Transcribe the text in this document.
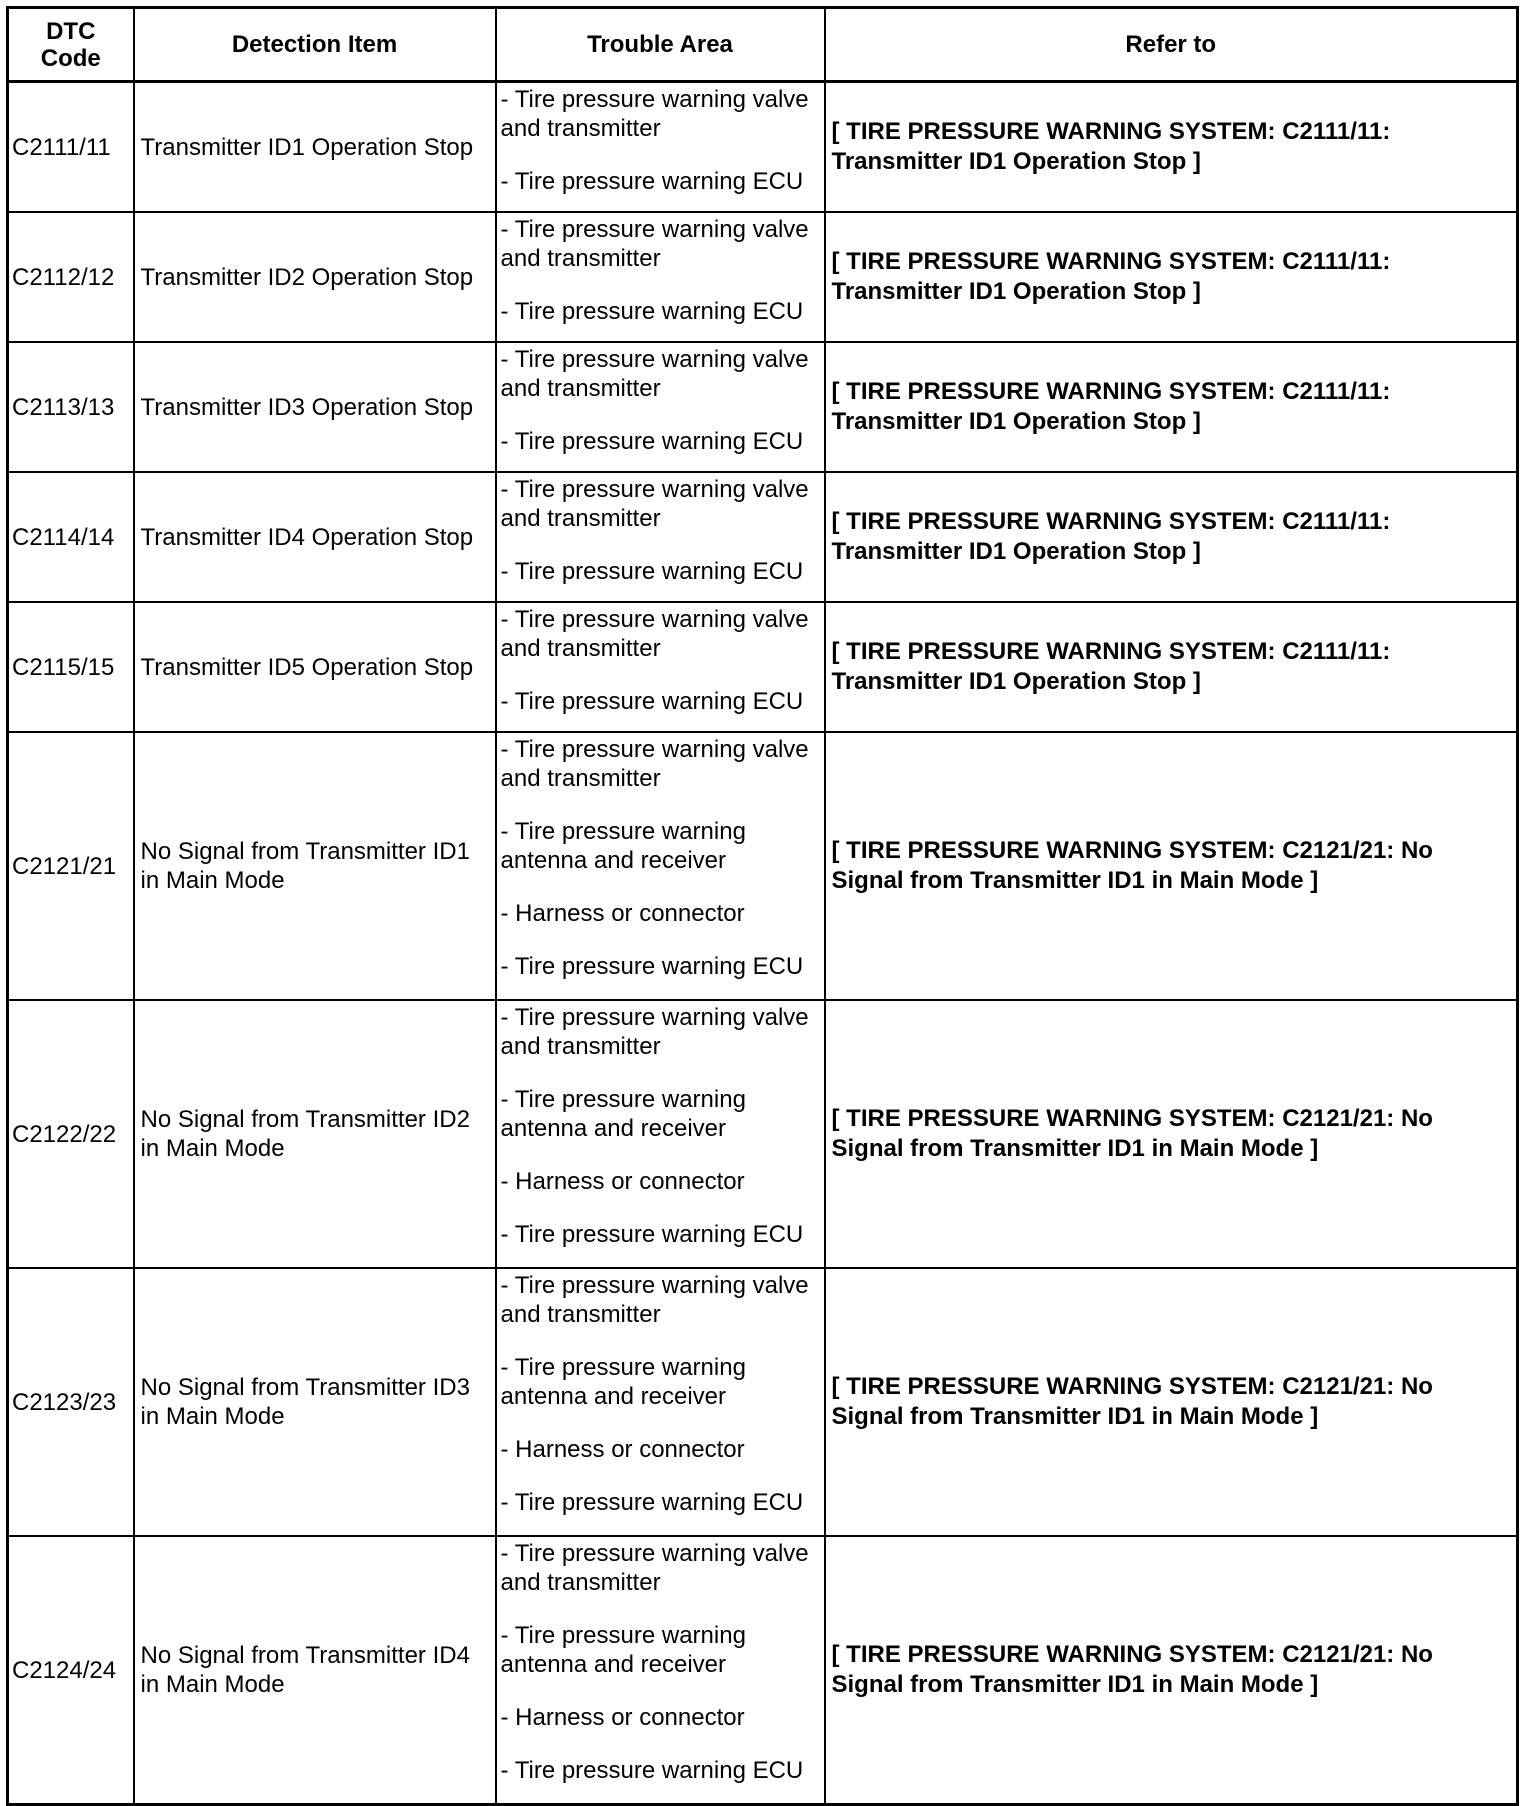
DTC Code	Detection Item	Trouble Area	Refer to
C2111/11	Transmitter ID1 Operation Stop	- Tire pressure warning valve and transmitter
- Tire pressure warning ECU	[ TIRE PRESSURE WARNING SYSTEM: C2111/11: Transmitter ID1 Operation Stop ]
C2112/12	Transmitter ID2 Operation Stop	- Tire pressure warning valve and transmitter
- Tire pressure warning ECU	[ TIRE PRESSURE WARNING SYSTEM: C2111/11: Transmitter ID1 Operation Stop ]
C2113/13	Transmitter ID3 Operation Stop	- Tire pressure warning valve and transmitter
- Tire pressure warning ECU	[ TIRE PRESSURE WARNING SYSTEM: C2111/11: Transmitter ID1 Operation Stop ]
C2114/14	Transmitter ID4 Operation Stop	- Tire pressure warning valve and transmitter
- Tire pressure warning ECU	[ TIRE PRESSURE WARNING SYSTEM: C2111/11: Transmitter ID1 Operation Stop ]
C2115/15	Transmitter ID5 Operation Stop	- Tire pressure warning valve and transmitter
- Tire pressure warning ECU	[ TIRE PRESSURE WARNING SYSTEM: C2111/11: Transmitter ID1 Operation Stop ]
C2121/21	No Signal from Transmitter ID1 in Main Mode	- Tire pressure warning valve and transmitter
- Tire pressure warning antenna and receiver
- Harness or connector
- Tire pressure warning ECU	[ TIRE PRESSURE WARNING SYSTEM: C2121/21: No Signal from Transmitter ID1 in Main Mode ]
C2122/22	No Signal from Transmitter ID2 in Main Mode	- Tire pressure warning valve and transmitter
- Tire pressure warning antenna and receiver
- Harness or connector
- Tire pressure warning ECU	[ TIRE PRESSURE WARNING SYSTEM: C2121/21: No Signal from Transmitter ID1 in Main Mode ]
C2123/23	No Signal from Transmitter ID3 in Main Mode	- Tire pressure warning valve and transmitter
- Tire pressure warning antenna and receiver
- Harness or connector
- Tire pressure warning ECU	[ TIRE PRESSURE WARNING SYSTEM: C2121/21: No Signal from Transmitter ID1 in Main Mode ]
C2124/24	No Signal from Transmitter ID4 in Main Mode	- Tire pressure warning valve and transmitter
- Tire pressure warning antenna and receiver
- Harness or connector
- Tire pressure warning ECU	[ TIRE PRESSURE WARNING SYSTEM: C2121/21: No Signal from Transmitter ID1 in Main Mode ]
